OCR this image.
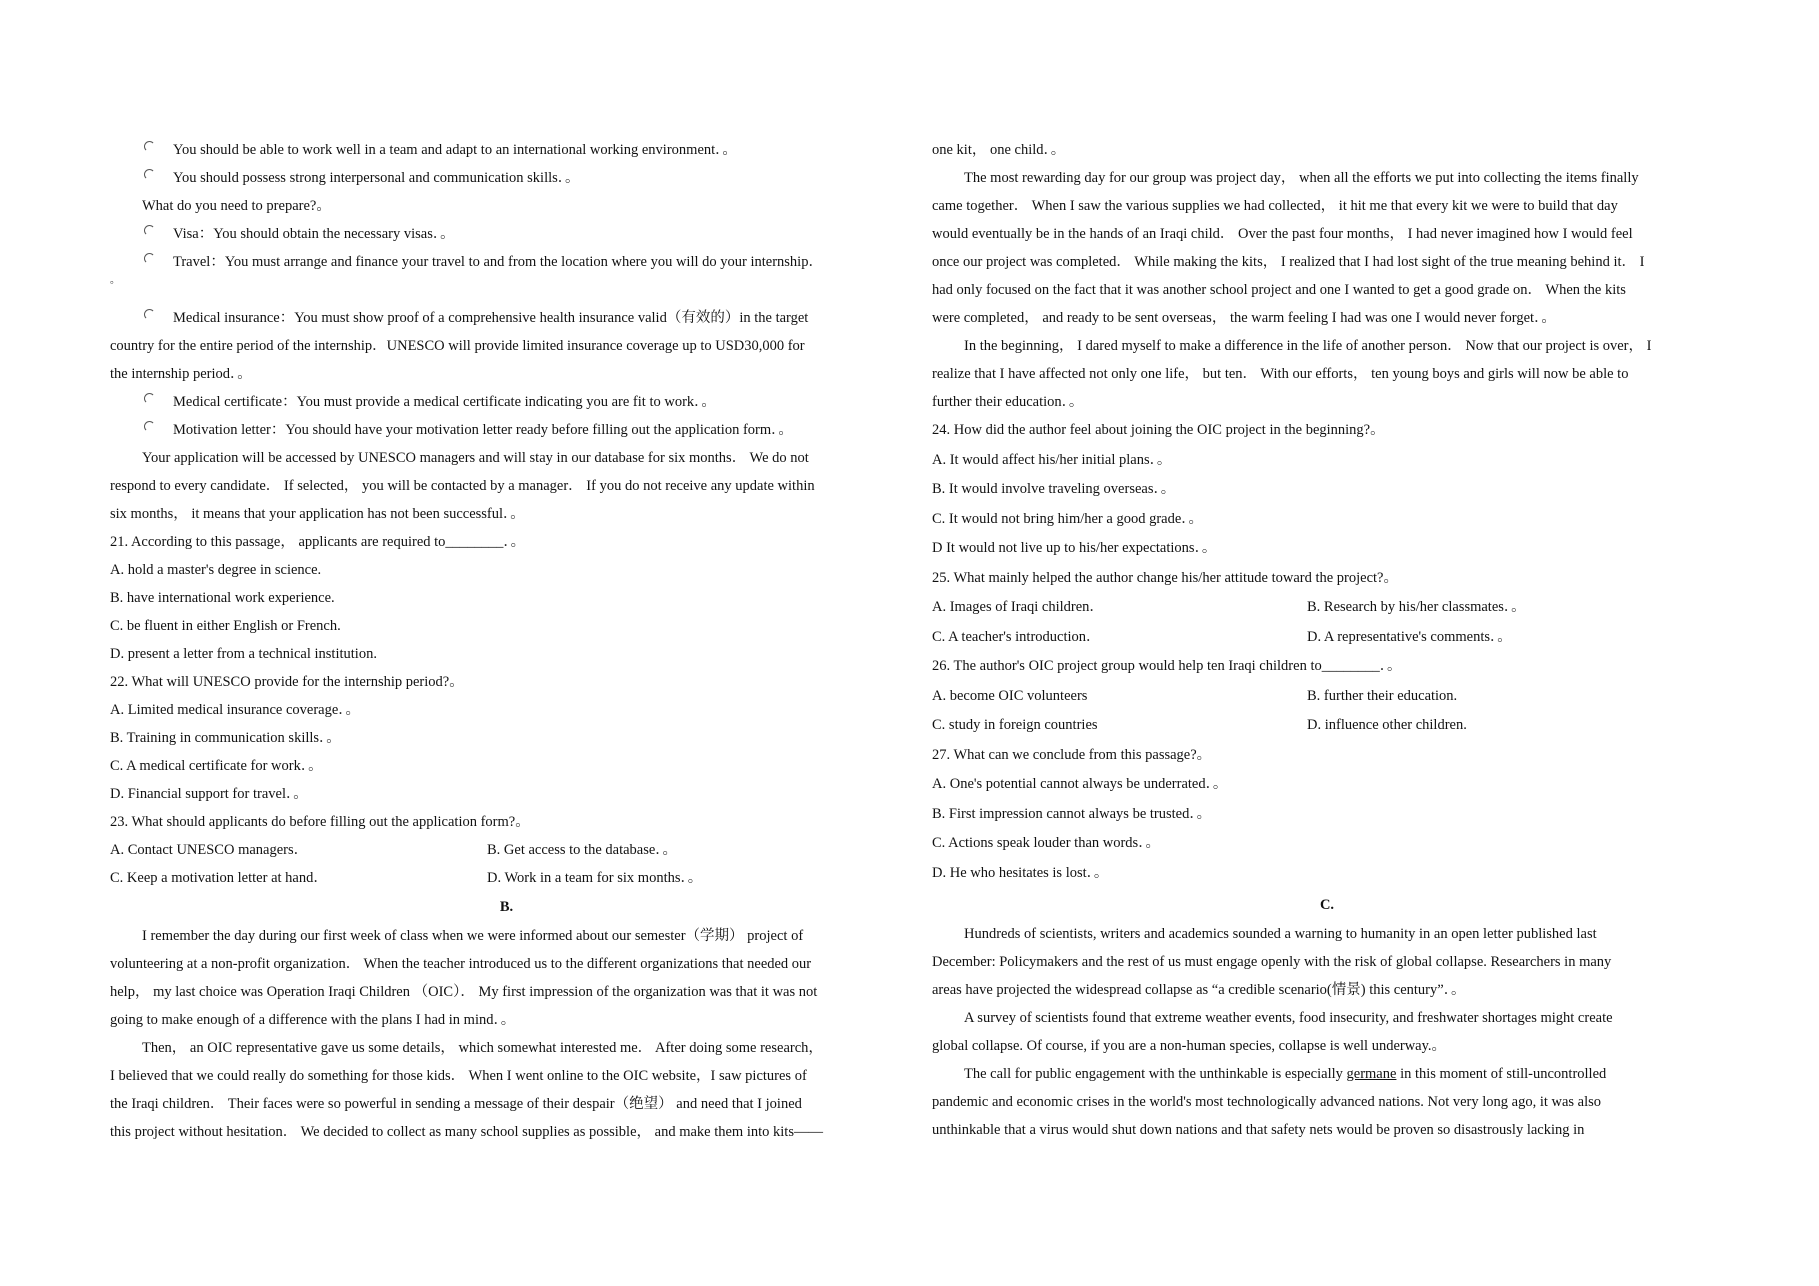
You should be able to work well in a team and adapt to an international working environment．。
You should possess strong interpersonal and communication skills．。
What do you need to prepare?。
Visa：You should obtain the necessary visas．。
Travel：You must arrange and finance your travel to and from the location where you will do your internship．
。
Medical insurance：You must show proof of a comprehensive health insurance valid（有效的）in the target
country for the entire period of the internship．UNESCO will provide limited insurance coverage up to USD30,000 for
the internship period．。
Medical certificate：You must provide a medical certificate indicating you are fit to work．。
Motivation letter：You should have your motivation letter ready before filling out the application form．。
Your application will be accessed by UNESCO managers and will stay in our database for six months． We do not
respond to every candidate． If selected， you will be contacted by a manager． If you do not receive any update within
six months， it means that your application has not been successful．。
21. According to this passage， applicants are required to________．。
A. hold a master's degree in science.
B. have international work experience.
C. be fluent in either English or French.
D. present a letter from a technical institution.
22. What will UNESCO provide for the internship period?。
A. Limited medical insurance coverage．。
B. Training in communication skills．。
C. A medical certificate for work．。
D. Financial support for travel．。
23. What should applicants do before filling out the application form?。
A. Contact UNESCO managers．	B. Get access to the database．。
C. Keep a motivation letter at hand．	D. Work in a team for six months．。
B.
I remember the day during our first week of class when we were informed about our semester（学期） project of
volunteering at a non-profit organization． When the teacher introduced us to the different organizations that needed our
help， my last choice was Operation Iraqi Children （OIC）． My first impression of the organization was that it was not
going to make enough of a difference with the plans I had in mind．。
Then， an OIC representative gave us some details， which somewhat interested me． After doing some research，
I believed that we could really do something for those kids． When I went online to the OIC website，I saw pictures of
the Iraqi children． Their faces were so powerful in sending a message of their despair（绝望） and need that I joined
this project without hesitation． We decided to collect as many school supplies as possible， and make them into kits——
one kit， one child．。
The most rewarding day for our group was project day， when all the efforts we put into collecting the items finally
came together． When I saw the various supplies we had collected， it hit me that every kit we were to build that day
would eventually be in the hands of an Iraqi child． Over the past four months， I had never imagined how I would feel
once our project was completed． While making the kits， I realized that I had lost sight of the true meaning behind it． I
had only focused on the fact that it was another school project and one I wanted to get a good grade on． When the kits
were completed， and ready to be sent overseas， the warm feeling I had was one I would never forget．。
In the beginning， I dared myself to make a difference in the life of another person． Now that our project is over， I
realize that I have affected not only one life， but ten． With our efforts， ten young boys and girls will now be able to
further their education．。
24. How did the author feel about joining the OIC project in the beginning?。
A. It would affect his/her initial plans．。
B. It would involve traveling overseas．。
C. It would not bring him/her a good grade．。
D It would not live up to his/her expectations．。
25. What mainly helped the author change his/her attitude toward the project?。
A. Images of Iraqi children．	B. Research by his/her classmates．。
C. A teacher's introduction．	D. A representative's comments．。
26. The author's OIC project group would help ten Iraqi children to________．。
A. become OIC volunteers	B. further their education.
C. study in foreign countries	D. influence other children.
27. What can we conclude from this passage?。
A. One's potential cannot always be underrated．。
B. First impression cannot always be trusted．。
C. Actions speak louder than words．。
D. He who hesitates is lost．。
C.
Hundreds of scientists, writers and academics sounded a warning to humanity in an open letter published last
December: Policymakers and the rest of us must engage openly with the risk of global collapse. Researchers in many
areas have projected the widespread collapse as “a credible scenario(情景) this century”．。
A survey of scientists found that extreme weather events, food insecurity, and freshwater shortages might create
global collapse. Of course, if you are a non-human species, collapse is well underway.。
The call for public engagement with the unthinkable is especially germane in this moment of still-uncontrolled
pandemic and economic crises in the world's most technologically advanced nations. Not very long ago, it was also
unthinkable that a virus would shut down nations and that safety nets would be proven so disastrously lacking in
